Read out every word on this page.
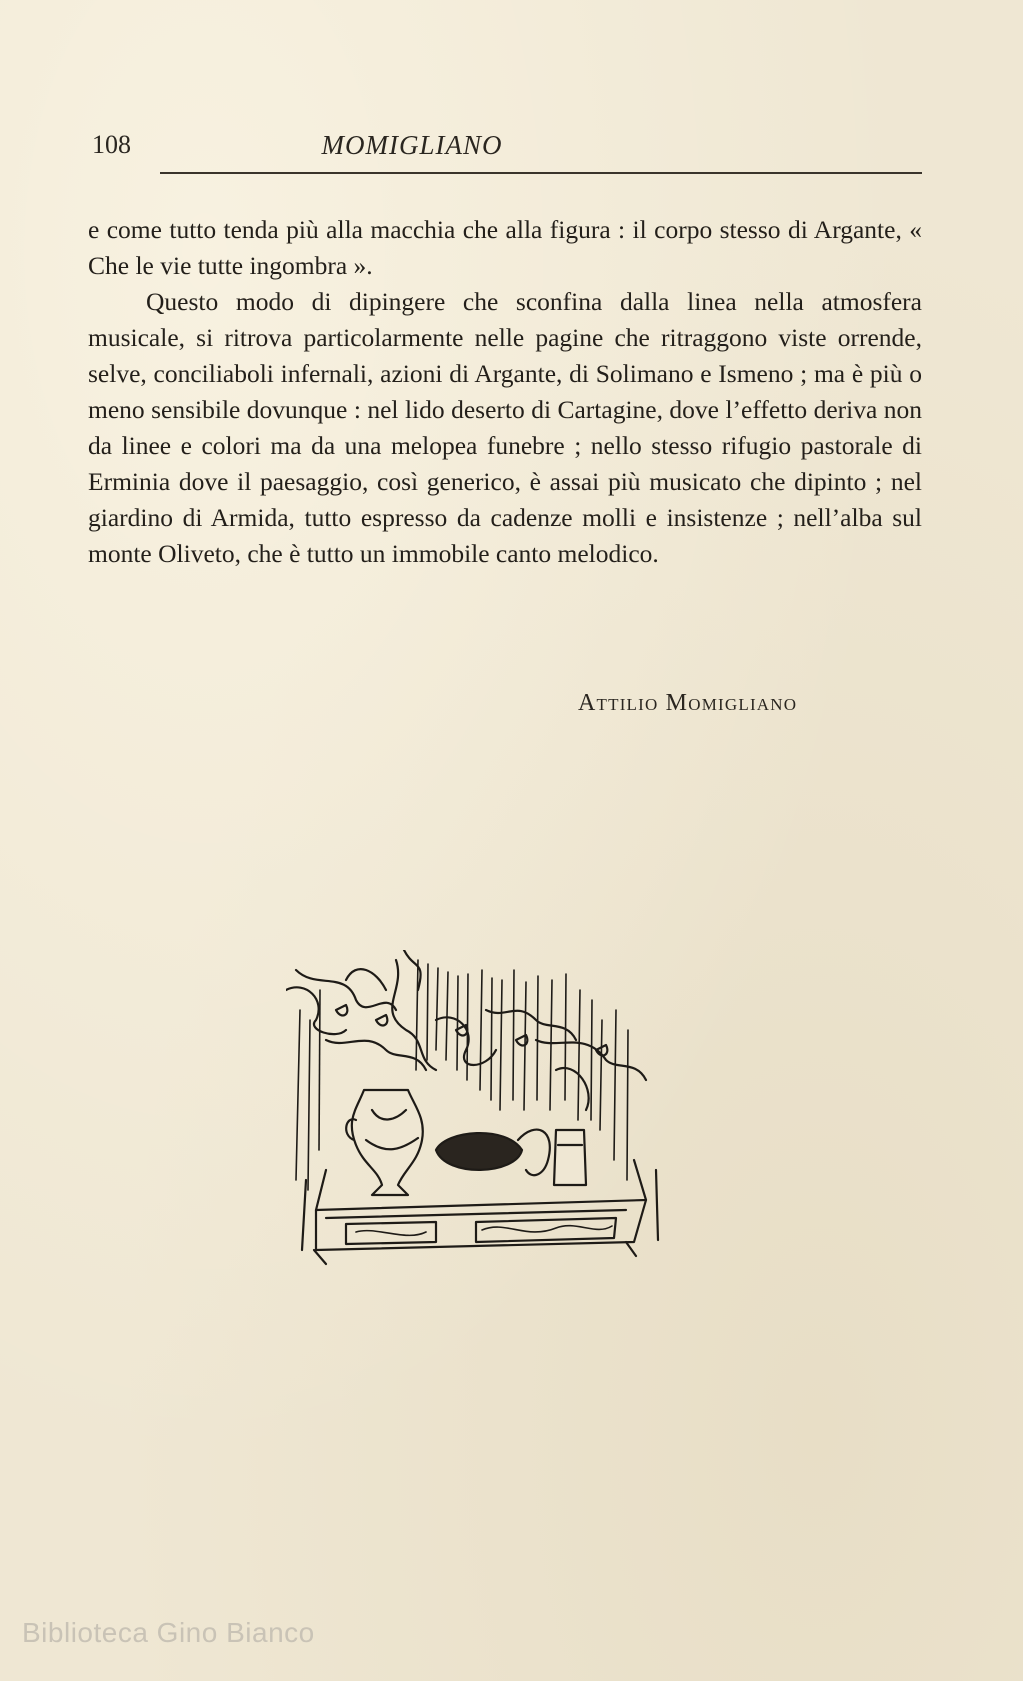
108	MOMIGLIANO

e come tutto tenda più alla macchia che alla figura : il corpo stesso di Argante, « Che le vie tutte ingombra ».

Questo modo di dipingere che sconfina dalla linea nella atmosfera musicale, si ritrova particolarmente nelle pagine che ritraggono viste orrende, selve, conciliaboli infernali, azioni di Argante, di Solimano e Ismeno ; ma è più o meno sensibile dovunque : nel lido deserto di Cartagine, dove l’effetto deriva non da linee e colori ma da una melopea funebre ; nello stesso rifugio pastorale di Erminia dove il paesaggio, così generico, è assai più musicato che dipinto ; nel giardino di Armida, tutto espresso da cadenze molli e insistenze ; nell’alba sul monte Oliveto, che è tutto un immobile canto melodico.

Attilio Momigliano
Biblioteca Gino Bianco
